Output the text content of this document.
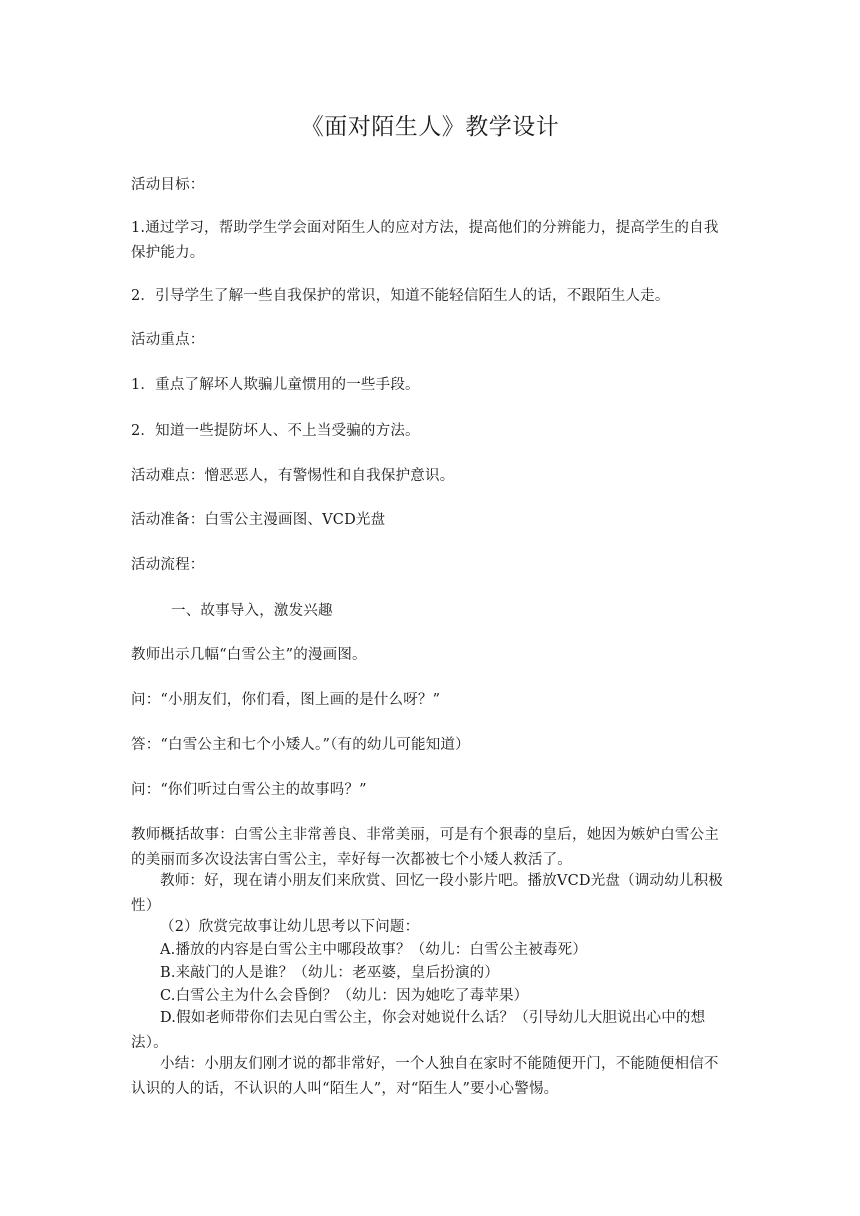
《面对陌生人》教学设计
活动目标：
1.通过学习，帮助学生学会面对陌生人的应对方法，提高他们的分辨能力，提高学生的自我保护能力。
2．引导学生了解一些自我保护的常识，知道不能轻信陌生人的话，不跟陌生人走。
活动重点：
1．重点了解坏人欺骗儿童惯用的一些手段。
2．知道一些提防坏人、不上当受骗的方法。
活动难点：憎恶恶人，有警惕性和自我保护意识。
活动准备：白雪公主漫画图、VCD光盘
活动流程：
一、故事导入，激发兴趣
教师出示几幅“白雪公主”的漫画图。
问：“小朋友们，你们看，图上画的是什么呀？”
答：“白雪公主和七个小矮人。”（有的幼儿可能知道）
问：“你们听过白雪公主的故事吗？”
教师概括故事：白雪公主非常善良、非常美丽，可是有个狠毒的皇后，她因为嫉妒白雪公主的美丽而多次设法害白雪公主，幸好每一次都被七个小矮人救活了。
教师：好，现在请小朋友们来欣赏、回忆一段小影片吧。播放VCD光盘（调动幼儿积极性）
（2）欣赏完故事让幼儿思考以下问题：
A.播放的内容是白雪公主中哪段故事？（幼儿：白雪公主被毒死）
B.来敲门的人是谁？（幼儿：老巫婆，皇后扮演的）
C.白雪公主为什么会昏倒？（幼儿：因为她吃了毒苹果）
D.假如老师带你们去见白雪公主，你会对她说什么话？（引导幼儿大胆说出心中的想法）。
小结：小朋友们刚才说的都非常好，一个人独自在家时不能随便开门，不能随便相信不认识的人的话，不认识的人叫“陌生人”，对“陌生人”要小心警惕。
